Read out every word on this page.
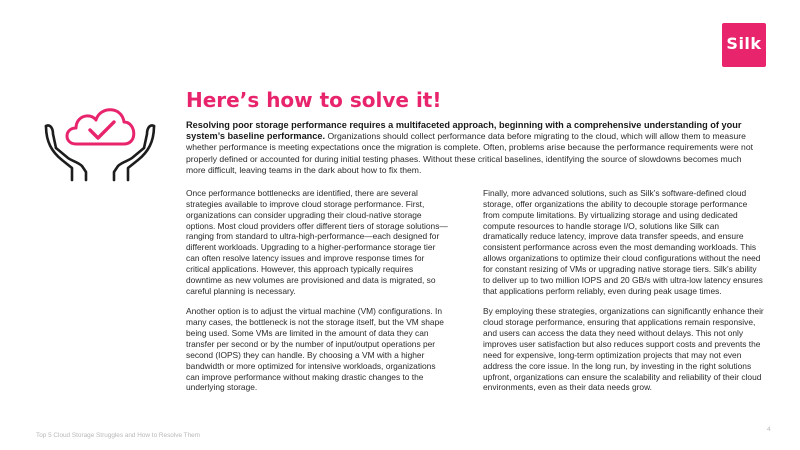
Silk
Here’s how to solve it!

Resolving poor storage performance requires a multifaceted approach, beginning with a comprehensive understanding of your system’s baseline performance. Organizations should collect performance data before migrating to the cloud, which will allow them to measure whether performance is meeting expectations once the migration is complete. Often, problems arise because the performance requirements were not properly defined or accounted for during initial testing phases. Without these critical baselines, identifying the source of slowdowns becomes much more difficult, leaving teams in the dark about how to fix them.

Once performance bottlenecks are identified, there are several strategies available to improve cloud storage performance. First, organizations can consider upgrading their cloud-native storage options. Most cloud providers offer different tiers of storage solutions—ranging from standard to ultra-high-performance—each designed for different workloads. Upgrading to a higher-performance storage tier can often resolve latency issues and improve response times for critical applications. However, this approach typically requires downtime as new volumes are provisioned and data is migrated, so careful planning is necessary.

Another option is to adjust the virtual machine (VM) configurations. In many cases, the bottleneck is not the storage itself, but the VM shape being used. Some VMs are limited in the amount of data they can transfer per second or by the number of input/output operations per second (IOPS) they can handle. By choosing a VM with a higher bandwidth or more optimized for intensive workloads, organizations can improve performance without making drastic changes to the underlying storage.

Finally, more advanced solutions, such as Silk’s software-defined cloud storage, offer organizations the ability to decouple storage performance from compute limitations. By virtualizing storage and using dedicated compute resources to handle storage I/O, solutions like Silk can dramatically reduce latency, improve data transfer speeds, and ensure consistent performance across even the most demanding workloads. This allows organizations to optimize their cloud configurations without the need for constant resizing of VMs or upgrading native storage tiers. Silk’s ability to deliver up to two million IOPS and 20 GB/s with ultra-low latency ensures that applications perform reliably, even during peak usage times.

By employing these strategies, organizations can significantly enhance their cloud storage performance, ensuring that applications remain responsive, and users can access the data they need without delays. This not only improves user satisfaction but also reduces support costs and prevents the need for expensive, long-term optimization projects that may not even address the core issue. In the long run, by investing in the right solutions upfront, organizations can ensure the scalability and reliability of their cloud environments, even as their data needs grow.

Top 5 Cloud Storage Struggles and How to Resolve Them
4
